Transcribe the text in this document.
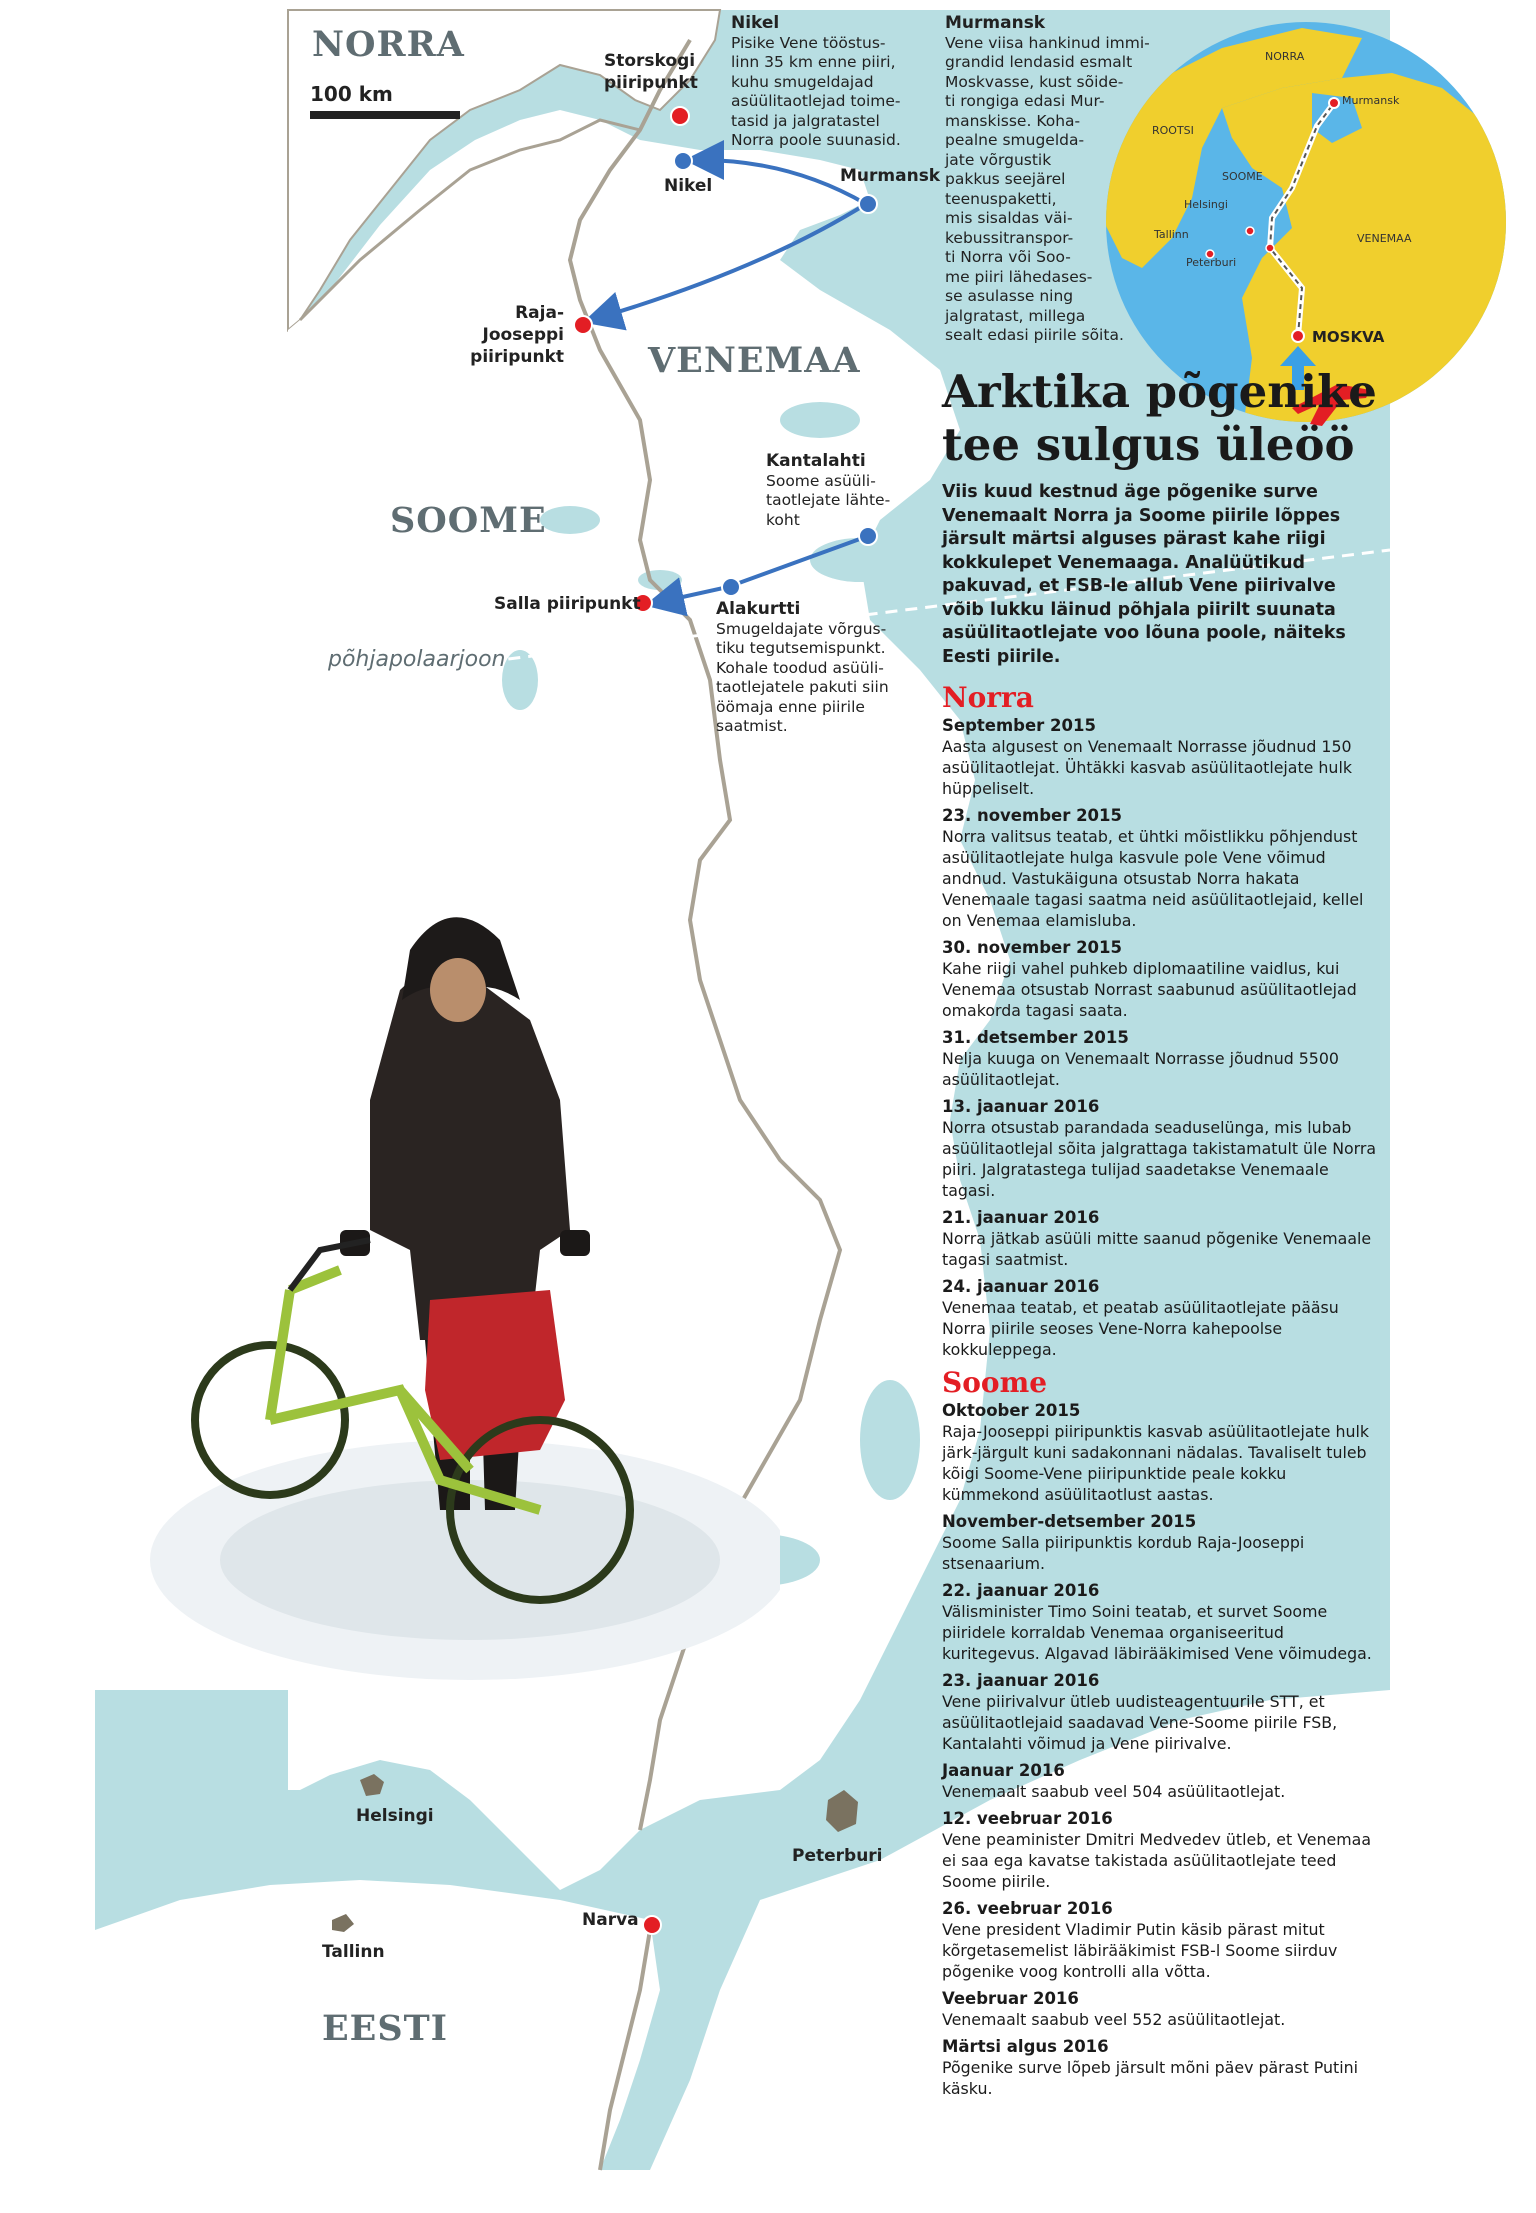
NORRA
100 km
VENEMAA
SOOME
EESTI
põhjapolaarjoon
Storskogi piiripunkt
Nikel	Murmansk
Raja-Jooseppi piiripunkt
Salla piiripunkt
Helsingi
Peterburi
Narva
Tallinn
Nikel
Pisike Vene tööstus-
linn 35 km enne piiri,
kuhu smugeldajad
asüülitaotlejad toime-
tasid ja jalgratastel
Norra poole suunasid.
Murmansk
Vene viisa hankinud immi-
grandid lendasid esmalt
Moskvasse, kust sõide-
ti rongiga edasi Mur-
manskisse. Koha-
pealne smugelda-
jate võrgustik
pakkus seejärel
teenuspaketti,
mis sisaldas väi-
kebussitranspor-
ti Norra või Soo-
me piiri lähedases-
se asulasse ning
jalgratast, millega
sealt edasi piirile sõita.
Kantalahti
Soome asüüli-
taotlejate lähte-
koht
Alakurtti
Smugeldajate võrgus-
tiku tegutsemispunkt.
Kohale toodud asüüli-
taotlejatele pakuti siin
öömaja enne piirile
saatmist.
NORRA
ROOTSI
SOOME
VENEMAA
Murmansk
Helsingi
Tallinn
Peterburi
MOSKVA
Arktika põgenike tee sulgus üleöö

Viis kuud kestnud äge põgenike surve Venemaalt Norra ja Soome piirile lõppes järsult märtsi alguses pärast kahe riigi kokkulepet Venemaaga. Analüütikud pakuvad, et FSB-le allub Vene piirivalve võib lukku läinud põhjala piirilt suunata asüülitaotlejate voo lõuna poole, näiteks Eesti piirile.

Norra

September 2015
Aasta algusest on Venemaalt Norrasse jõudnud 150 asüülitaotlejat. Ühtäkki kasvab asüülitaotlejate hulk hüppeliselt.
23. november 2015
Norra valitsus teatab, et ühtki mõistlikku põhjendust asüülitaotlejate hulga kasvule pole Vene võimud andnud. Vastukäiguna otsustab Norra hakata Venemaale tagasi saatma neid asüülitaotlejaid, kellel on Venemaa elamisluba.
30. november 2015
Kahe riigi vahel puhkeb diplomaatiline vaidlus, kui Venemaa otsustab Norrast saabunud asüülitaotlejad omakorda tagasi saata.
31. detsember 2015
Nelja kuuga on Venemaalt Norrasse jõudnud 5500 asüülitaotlejat.
13. jaanuar 2016
Norra otsustab parandada seaduselünga, mis lubab asüülitaotlejal sõita jalgrattaga takistamatult üle Norra piiri. Jalgratastega tulijad saadetakse Venemaale tagasi.
21. jaanuar 2016
Norra jätkab asüüli mitte saanud põgenike Venemaale tagasi saatmist.
24. jaanuar 2016
Venemaa teatab, et peatab asüülitaotlejate pääsu Norra piirile seoses Vene-Norra kahepoolse kokkuleppega.

Soome

Oktoober 2015
Raja-Jooseppi piiripunktis kasvab asüülitaotlejate hulk järk-järgult kuni sadakonnani nädalas. Tavaliselt tuleb kõigi Soome-Vene piiripunktide peale kokku kümmekond asüülitaotlust aastas.
November-detsember 2015
Soome Salla piiripunktis kordub Raja-Jooseppi stsenaarium.
22. jaanuar 2016
Välisminister Timo Soini teatab, et survet Soome piiridele korraldab Venemaa organiseeritud kuritegevus. Algavad läbirääkimised Vene võimudega.
23. jaanuar 2016
Vene piirivalvur ütleb uudisteagentuurile STT, et asüülitaotlejaid saadavad Vene-Soome piirile FSB, Kantalahti võimud ja Vene piirivalve.
Jaanuar 2016
Venemaalt saabub veel 504 asüülitaotlejat.
12. veebruar 2016
Vene peaminister Dmitri Medvedev ütleb, et Venemaa ei saa ega kavatse takistada asüülitaotlejate teed Soome piirile.
26. veebruar 2016
Vene president Vladimir Putin käsib pärast mitut kõrgetasemelist läbirääkimist FSB-l Soome siirduv põgenike voog kontrolli alla võtta.
Veebruar 2016
Venemaalt saabub veel 552 asüülitaotlejat.
Märtsi algus 2016
Põgenike surve lõpeb järsult mõni päev pärast Putini käsku.
